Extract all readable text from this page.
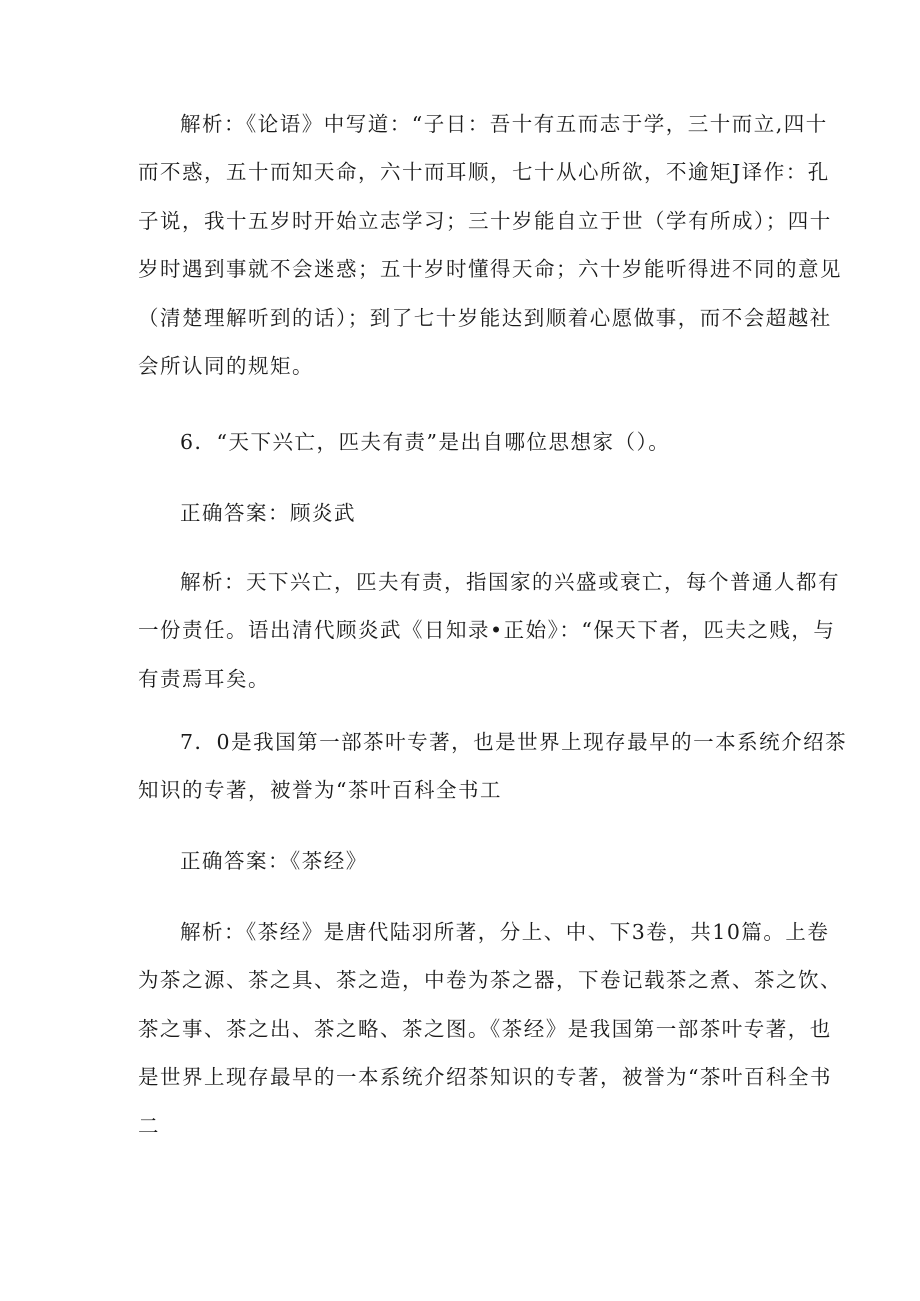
解析：《论语》中写道：“子日：吾十有五而志于学，三十而立,四十
而不惑，五十而知天命，六十而耳顺，七十从心所欲，不逾矩J译作：孔
子说，我十五岁时开始立志学习；三十岁能自立于世（学有所成）；四十
岁时遇到事就不会迷惑；五十岁时懂得天命；六十岁能听得进不同的意见
（清楚理解听到的话）；到了七十岁能达到顺着心愿做事，而不会超越社
会所认同的规矩。
6．“天下兴亡，匹夫有责”是出自哪位思想家（）。
正确答案：顾炎武
解析：天下兴亡，匹夫有责，指国家的兴盛或衰亡，每个普通人都有
一份责任。语出清代顾炎武《日知录•正始》：“保天下者，匹夫之贱，与
有责焉耳矣。
7．0是我国第一部茶叶专著，也是世界上现存最早的一本系统介绍茶
知识的专著，被誉为“茶叶百科全书工
正确答案：《茶经》
解析：《茶经》是唐代陆羽所著，分上、中、下3卷，共10篇。上卷
为茶之源、茶之具、茶之造，中卷为茶之器，下卷记载茶之煮、茶之饮、
茶之事、茶之出、茶之略、茶之图。《茶经》是我国第一部茶叶专著，也
是世界上现存最早的一本系统介绍茶知识的专著，被誉为“茶叶百科全书
二
